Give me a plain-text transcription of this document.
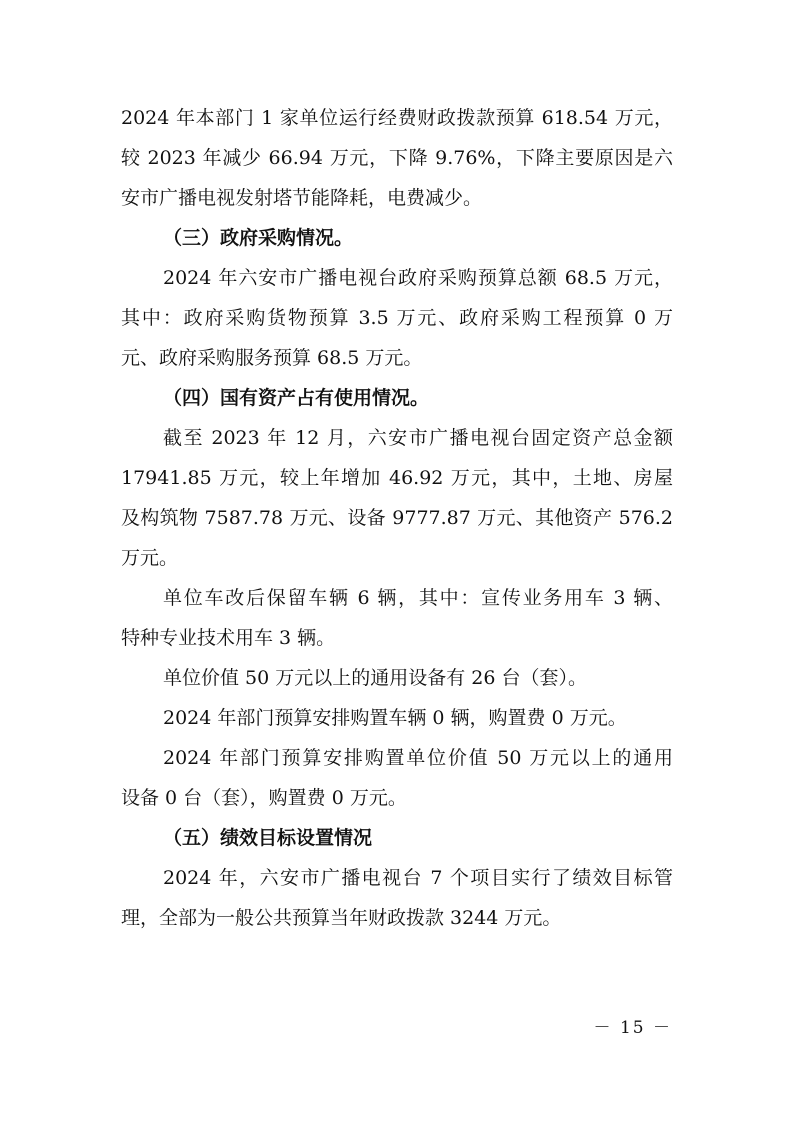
2024 年本部门 1 家单位运行经费财政拨款预算 618.54 万元，
较 2023 年减少 66.94 万元，下降 9.76%，下降主要原因是六
安市广播电视发射塔节能降耗，电费减少。
（三）政府采购情况。
2024 年六安市广播电视台政府采购预算总额 68.5 万元，
其中：政府采购货物预算 3.5 万元、政府采购工程预算 0 万
元、政府采购服务预算 68.5 万元。
（四）国有资产占有使用情况。
截至 2023 年 12 月，六安市广播电视台固定资产总金额
17941.85 万元，较上年增加 46.92 万元，其中，土地、房屋
及构筑物 7587.78 万元、设备 9777.87 万元、其他资产 576.2
万元。
单位车改后保留车辆 6 辆，其中：宣传业务用车 3 辆、
特种专业技术用车 3 辆。
单位价值 50 万元以上的通用设备有 26 台（套）。
2024 年部门预算安排购置车辆 0 辆，购置费 0 万元。
2024 年部门预算安排购置单位价值 50 万元以上的通用
设备 0 台（套），购置费 0 万元。
（五）绩效目标设置情况
2024 年，六安市广播电视台 7 个项目实行了绩效目标管
理，全部为一般公共预算当年财政拨款 3244 万元。
－ 15 －
